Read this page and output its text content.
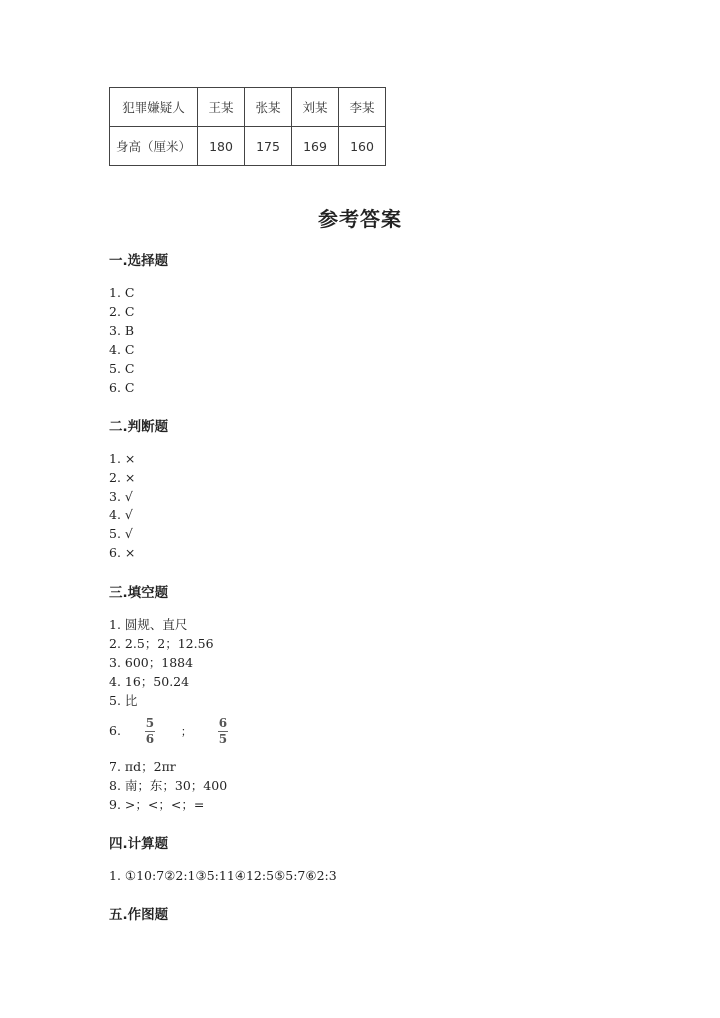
犯罪嫌疑人	王某	张某	刘某	李某
身高（厘米）	180	175	169	160
参考答案
一.选择题
1. C
2. C
3. B
4. C
5. C
6. C
二.判断题
1. ×
2. ×
3. √
4. √
5. √
6. ×
三.填空题
1. 圆规、直尺
2. 2.5；2；12.56
3. 600；1884
4. 16；50.24
5. 比
6. $\frac{5}{6}$ ； $\frac{6}{5}$
7. πd；2πr
8. 南；东；30；400
9. >；<；<；=
四.计算题
1. ①10:7②2:1③5:11④12:5⑤5:7⑥2:3
五.作图题
